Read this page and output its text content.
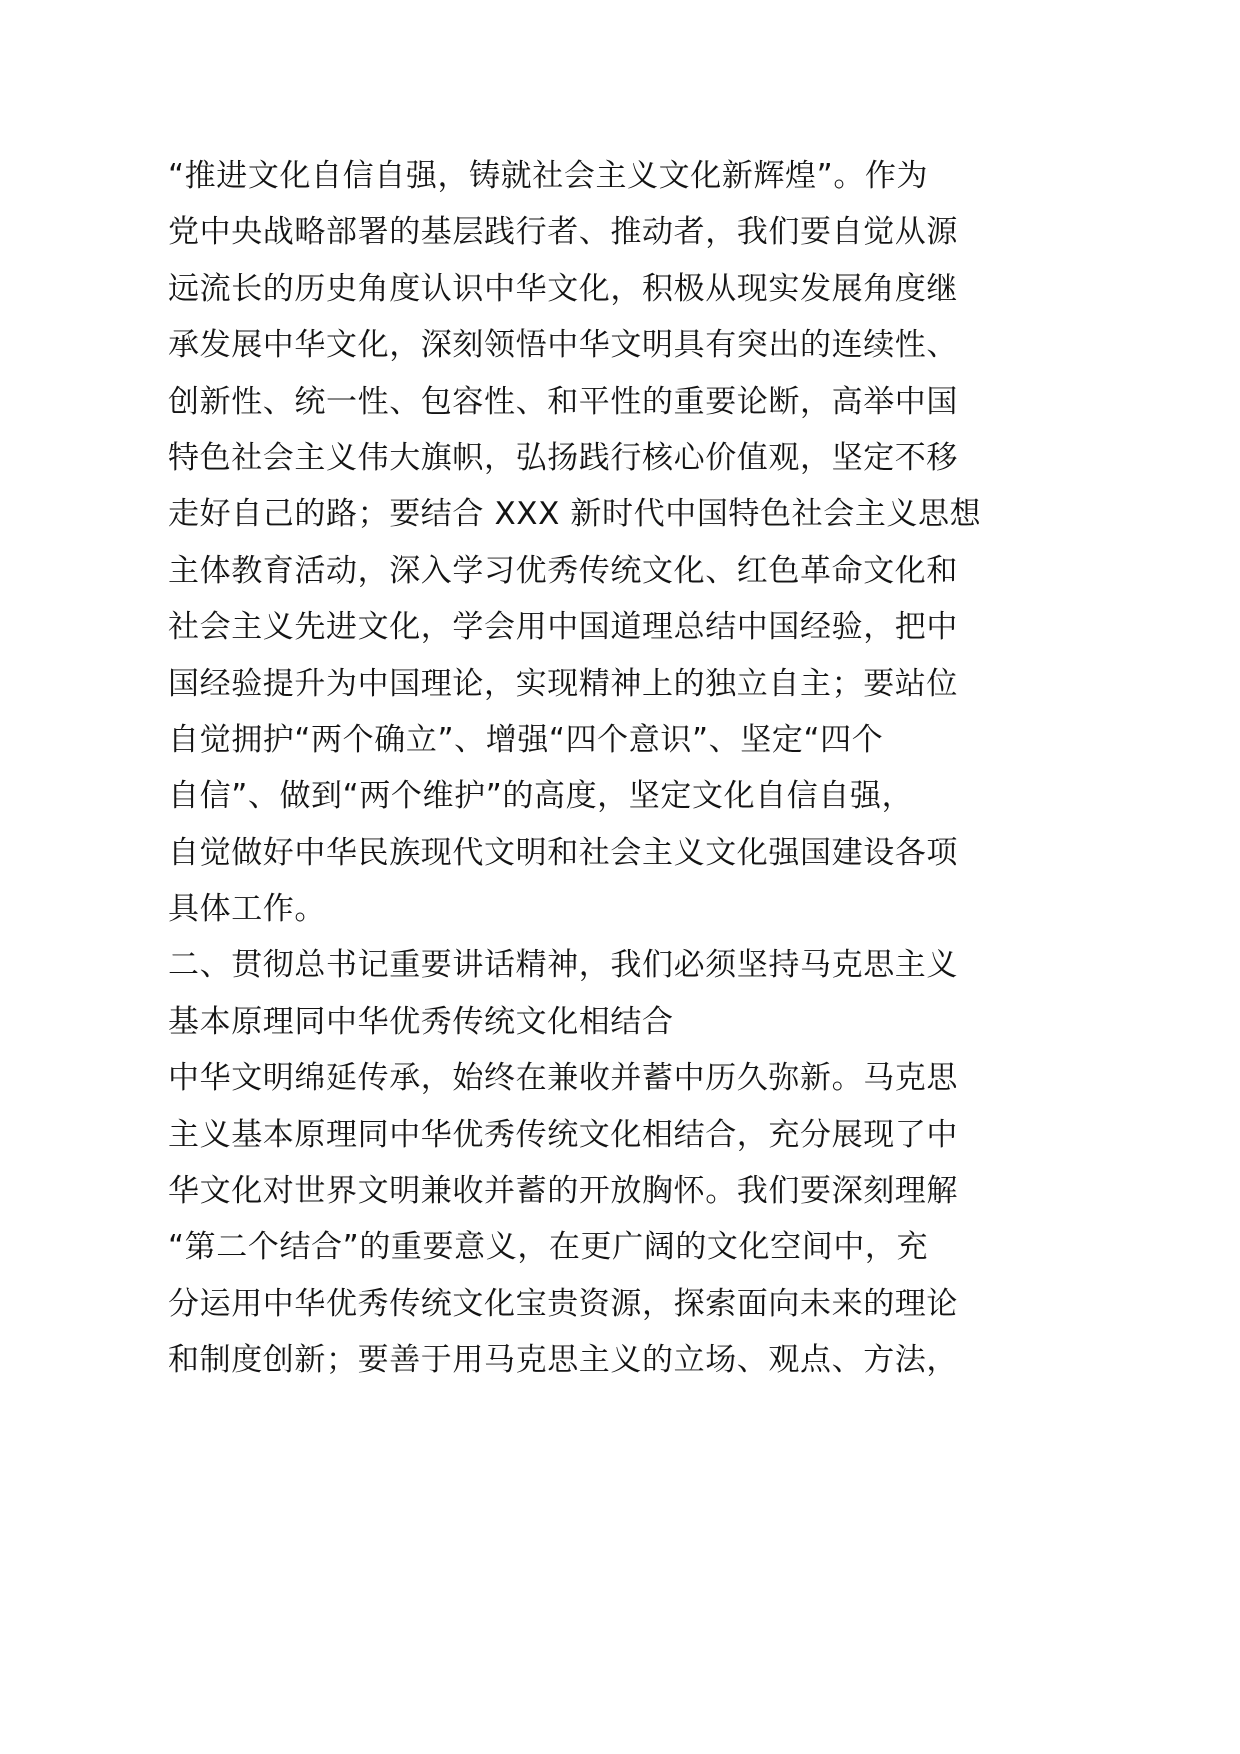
“推进文化自信自强，铸就社会主义文化新辉煌”。作为
党中央战略部署的基层践行者、推动者，我们要自觉从源
远流长的历史角度认识中华文化，积极从现实发展角度继
承发展中华文化，深刻领悟中华文明具有突出的连续性、
创新性、统一性、包容性、和平性的重要论断，高举中国
特色社会主义伟大旗帜，弘扬践行核心价值观，坚定不移
走好自己的路；要结合 XXX 新时代中国特色社会主义思想
主体教育活动，深入学习优秀传统文化、红色革命文化和
社会主义先进文化，学会用中国道理总结中国经验，把中
国经验提升为中国理论，实现精神上的独立自主；要站位
自觉拥护“两个确立”、增强“四个意识”、坚定“四个
自信”、做到“两个维护”的高度，坚定文化自信自强，
自觉做好中华民族现代文明和社会主义文化强国建设各项
具体工作。
二、贯彻总书记重要讲话精神，我们必须坚持马克思主义
基本原理同中华优秀传统文化相结合
中华文明绵延传承，始终在兼收并蓄中历久弥新。马克思
主义基本原理同中华优秀传统文化相结合，充分展现了中
华文化对世界文明兼收并蓄的开放胸怀。我们要深刻理解
“第二个结合”的重要意义，在更广阔的文化空间中，充
分运用中华优秀传统文化宝贵资源，探索面向未来的理论
和制度创新；要善于用马克思主义的立场、观点、方法，
